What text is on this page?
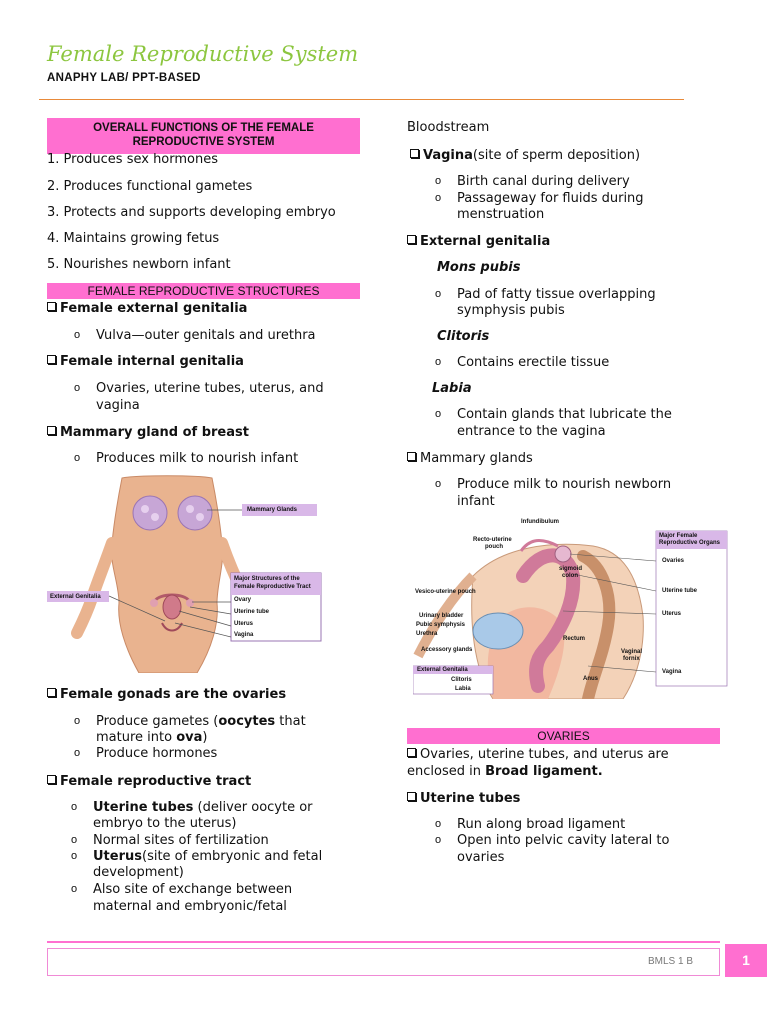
Female Reproductive System
ANAPHY LAB/ PPT-BASED
OVERALL FUNCTIONS OF THE FEMALE REPRODUCTIVE SYSTEM
1. Produces sex hormones
2. Produces functional gametes
3. Protects and supports developing embryo
4. Maintains growing fetus
5. Nourishes newborn infant
FEMALE REPRODUCTIVE STRUCTURES
Female external genitalia
o Vulva—outer genitals and urethra
Female internal genitalia
o Ovaries, uterine tubes, uterus, and
vagina
Mammary gland of breast
o Produces milk to nourish infant
Mammary Glands
Major Structures of the
Female Reproductive Tract
Ovary
Uterine tube
Uterus
Vagina
External Genitalia
Female gonads are the ovaries
o Produce gametes (oocytes that
mature into ova)
o Produce hormones
Female reproductive tract
o Uterine tubes (deliver oocyte or
embryo to the uterus)
o Normal sites of fertilization
o Uterus(site of embryonic and fetal
development)
o Also site of exchange between
maternal and embryonic/fetal
Bloodstream
Vagina(site of sperm deposition)
o Birth canal during delivery
o Passageway for fluids during
menstruation
External genitalia
Mons pubis
o Pad of fatty tissue overlapping
symphysis pubis
Clitoris
o Contains erectile tissue
Labia
o Contain glands that lubricate the
entrance to the vagina
Mammary glands
o Produce milk to nourish newborn
infant
Infundibulum
Recto-uterine
pouch
sigmoid
colon
Vesico-uterine pouch
Urinary bladder
Pubic symphysis
Urethra
Accessory glands
Rectum
Vaginal
fornix
Anus
External Genitalia
Clitoris
Labia
Major Female
Reproductive Organs
Ovaries
Uterine tube
Uterus
Vagina
OVARIES
Ovaries, uterine tubes, and uterus are
enclosed in Broad ligament.
Uterine tubes
o Run along broad ligament
o Open into pelvic cavity lateral to
ovaries
BMLS 1 B	1
